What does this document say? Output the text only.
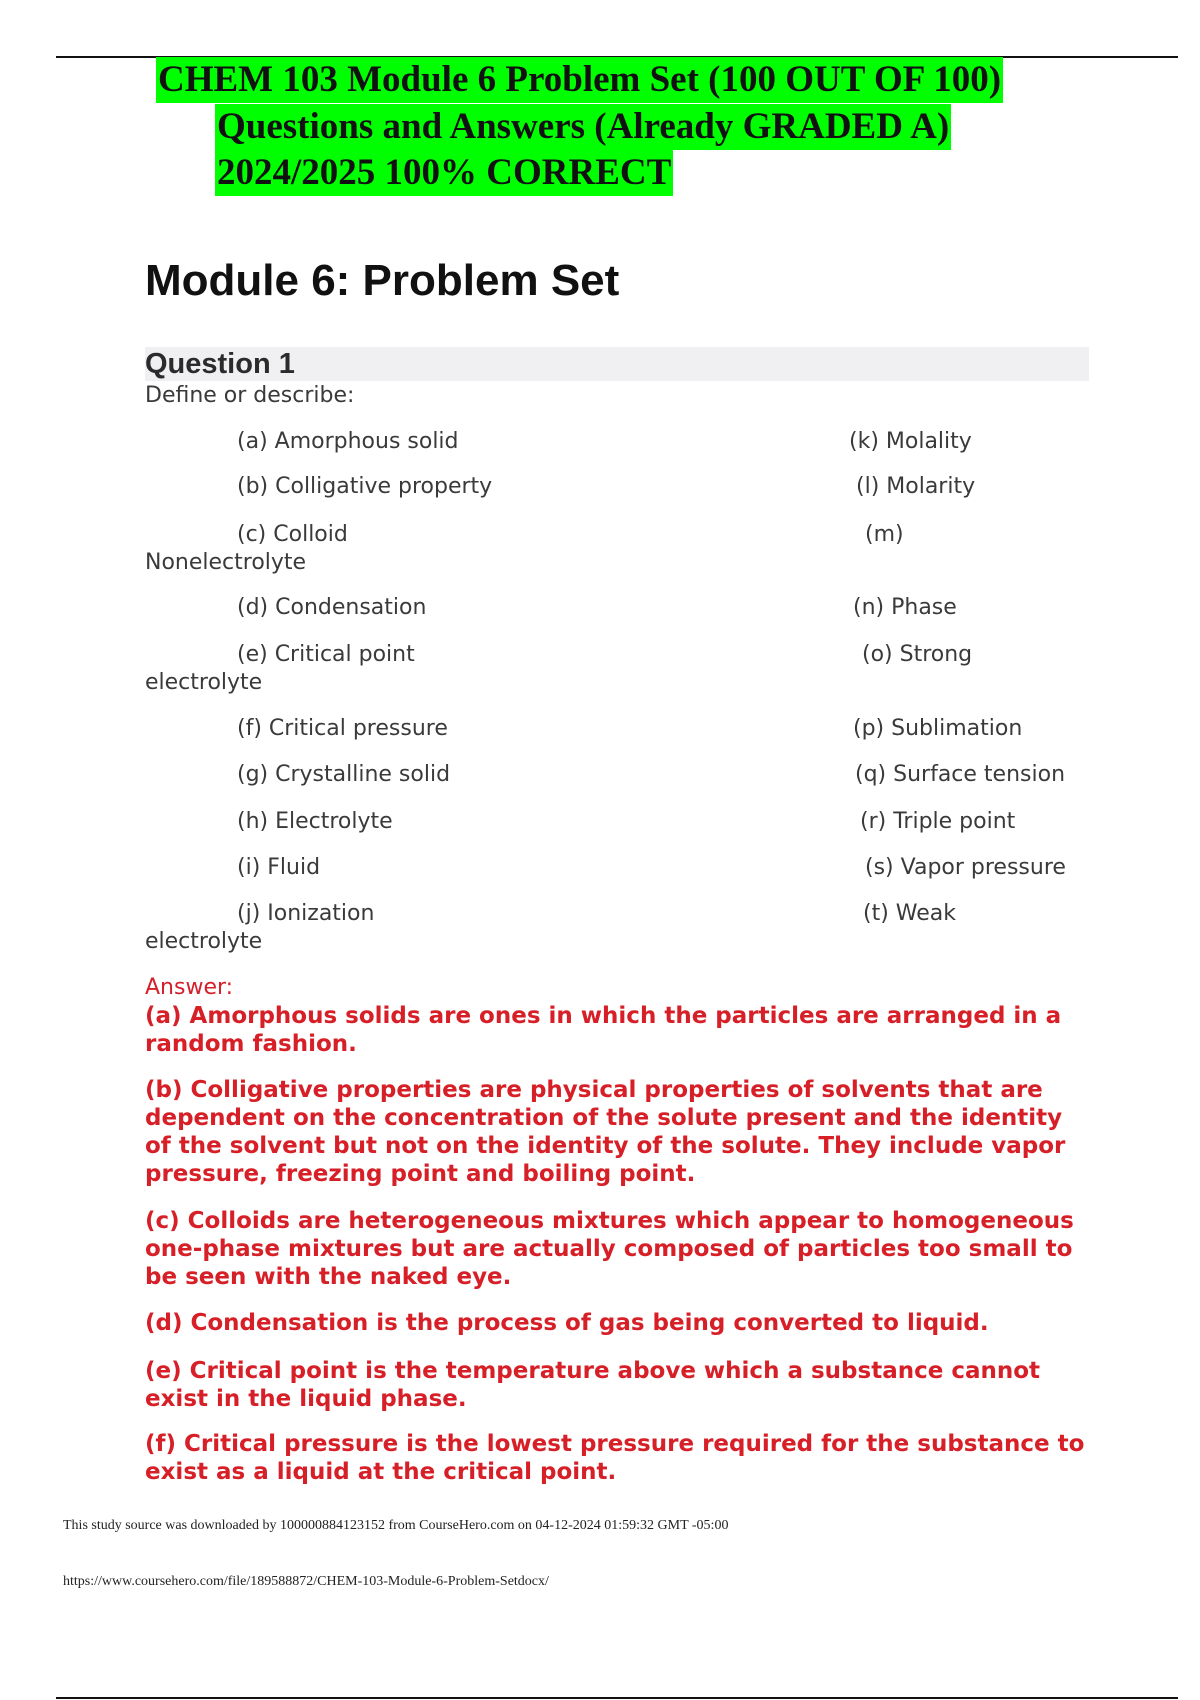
CHEM 103 Module 6 Problem Set (100 OUT OF 100)
Questions and Answers (Already GRADED A)
2024/2025 100% CORRECT
Module 6: Problem Set
Question 1
Define or describe:
(a) Amorphous solid
(b) Colligative property
(c) Colloid
Nonelectrolyte
(d) Condensation
(e) Critical point
electrolyte
(f) Critical pressure
(g) Crystalline solid
(h) Electrolyte
(i) Fluid
(j) Ionization
electrolyte
(k) Molality
(l) Molarity
(m)
(n) Phase
(o) Strong
(p) Sublimation
(q) Surface tension
(r) Triple point
(s) Vapor pressure
(t) Weak
Answer:
(a) Amorphous solids are ones in which the particles are arranged in a random fashion.
(b) Colligative properties are physical properties of solvents that are dependent on the concentration of the solute present and the identity of the solvent but not on the identity of the solute. They include vapor pressure, freezing point and boiling point.
(c) Colloids are heterogeneous mixtures which appear to homogeneous one-phase mixtures but are actually composed of particles too small to be seen with the naked eye.
(d) Condensation is the process of gas being converted to liquid.
(e) Critical point is the temperature above which a substance cannot exist in the liquid phase.
(f) Critical pressure is the lowest pressure required for the substance to exist as a liquid at the critical point.
This study source was downloaded by 100000884123152 from CourseHero.com on 04-12-2024 01:59:32 GMT -05:00
https://www.coursehero.com/file/189588872/CHEM-103-Module-6-Problem-Setdocx/
